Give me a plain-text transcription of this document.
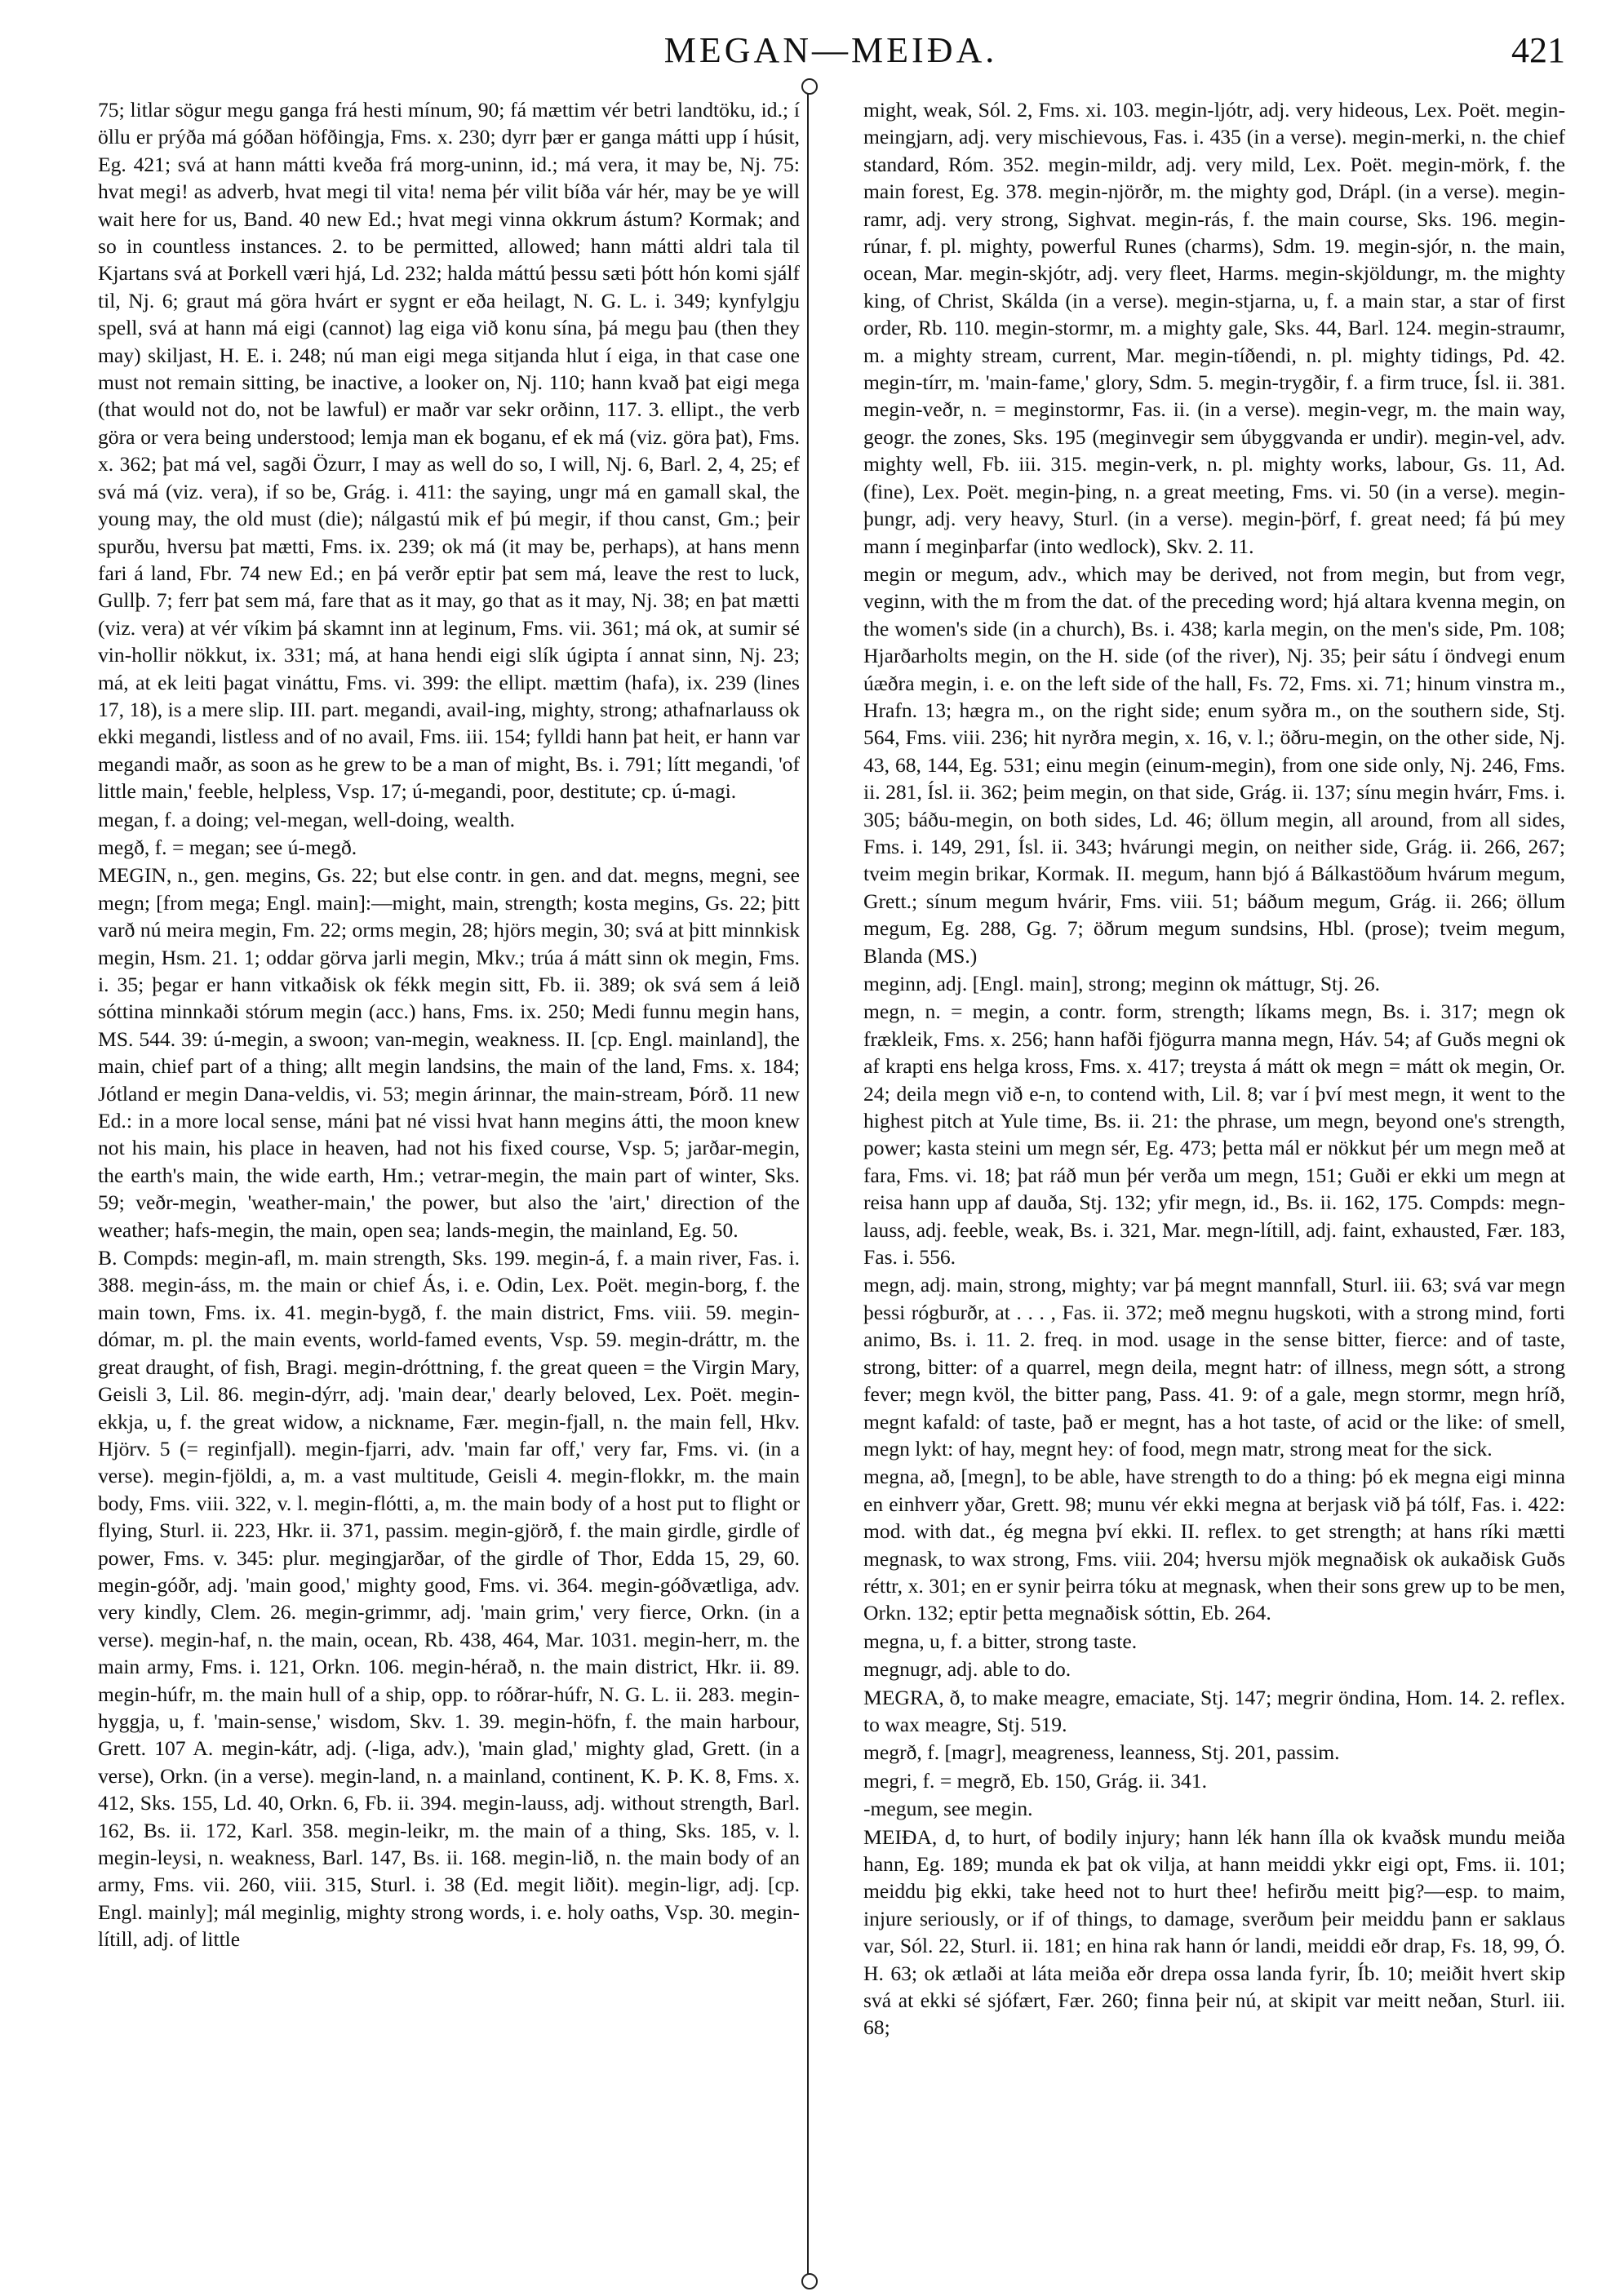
MEGAN—MEIÐA.	421

75; litlar sögur megu ganga frá hesti mínum, 90; fá mættim vér betri landtöku, id.; í öllu er prýða má góðan höfðingja, Fms. x. 230; dyrr þær er ganga mátti upp í húsit, Eg. 421; svá at hann mátti kveða frá morg-uninn, id.; má vera, it may be, Nj. 75: hvat megi! as adverb, hvat megi til vita! nema þér vilit bíða vár hér, may be ye will wait here for us, Band. 40 new Ed.; hvat megi vinna okkrum ástum? Kormak; and so in countless instances. 2. to be permitted, allowed; hann mátti aldri tala til Kjartans svá at Þorkell væri hjá, Ld. 232; halda máttú þessu sæti þótt hón komi sjálf til, Nj. 6; graut má göra hvárt er sygnt er eða heilagt, N. G. L. i. 349; kynfylgju spell, svá at hann má eigi (cannot) lag eiga við konu sína, þá megu þau (then they may) skiljast, H. E. i. 248; nú man eigi mega sitjanda hlut í eiga, in that case one must not remain sitting, be inactive, a looker on, Nj. 110; hann kvað þat eigi mega (that would not do, not be lawful) er maðr var sekr orðinn, 117. 3. ellipt., the verb göra or vera being understood; lemja man ek boganu, ef ek má (viz. göra þat), Fms. x. 362; þat má vel, sagði Özurr, I may as well do so, I will, Nj. 6, Barl. 2, 4, 25; ef svá má (viz. vera), if so be, Grág. i. 411: the saying, ungr má en gamall skal, the young may, the old must (die); nálgastú mik ef þú megir, if thou canst, Gm.; þeir spurðu, hversu þat mætti, Fms. ix. 239; ok má (it may be, perhaps), at hans menn fari á land, Fbr. 74 new Ed.; en þá verðr eptir þat sem má, leave the rest to luck, Gullþ. 7; ferr þat sem má, fare that as it may, go that as it may, Nj. 38; en þat mætti (viz. vera) at vér víkim þá skamnt inn at leginum, Fms. vii. 361; má ok, at sumir sé vin-hollir nökkut, ix. 331; má, at hana hendi eigi slík úgipta í annat sinn, Nj. 23; má, at ek leiti þagat vináttu, Fms. vi. 399: the ellipt. mættim (hafa), ix. 239 (lines 17, 18), is a mere slip. III. part. megandi, avail-ing, mighty, strong; athafnarlauss ok ekki megandi, listless and of no avail, Fms. iii. 154; fylldi hann þat heit, er hann var megandi maðr, as soon as he grew to be a man of might, Bs. i. 791; lítt megandi, 'of little main,' feeble, helpless, Vsp. 17; ú-megandi, poor, destitute; cp. ú-magi.

megan, f. a doing; vel-megan, well-doing, wealth.

megð, f. = megan; see ú-megð.

MEGIN, n., gen. megins, Gs. 22; but else contr. in gen. and dat. megns, megni, see megn; [from mega; Engl. main]:—might, main, strength; kosta megins, Gs. 22; þitt varð nú meira megin, Fm. 22; orms megin, 28; hjörs megin, 30; svá at þitt minnkisk megin, Hsm. 21. 1; oddar görva jarli megin, Mkv.; trúa á mátt sinn ok megin, Fms. i. 35; þegar er hann vitkaðisk ok fékk megin sitt, Fb. ii. 389; ok svá sem á leið sóttina minnkaði stórum megin (acc.) hans, Fms. ix. 250; Medi funnu megin hans, MS. 544. 39: ú-megin, a swoon; van-megin, weakness. II. [cp. Engl. mainland], the main, chief part of a thing; allt megin landsins, the main of the land, Fms. x. 184; Jótland er megin Dana-veldis, vi. 53; megin árinnar, the main-stream, Þórð. 11 new Ed.: in a more local sense, máni þat né vissi hvat hann megins átti, the moon knew not his main, his place in heaven, had not his fixed course, Vsp. 5; jarðar-megin, the earth's main, the wide earth, Hm.; vetrar-megin, the main part of winter, Sks. 59; veðr-megin, 'weather-main,' the power, but also the 'airt,' direction of the weather; hafs-megin, the main, open sea; lands-megin, the mainland, Eg. 50.

B. Compds: megin-afl, m. main strength, Sks. 199. megin-á, f. a main river, Fas. i. 388. megin-áss, m. the main or chief Ás, i. e. Odin, Lex. Poët. megin-borg, f. the main town, Fms. ix. 41. megin-bygð, f. the main district, Fms. viii. 59. megin-dómar, m. pl. the main events, world-famed events, Vsp. 59. megin-dráttr, m. the great draught, of fish, Bragi. megin-dróttning, f. the great queen = the Virgin Mary, Geisli 3, Lil. 86. megin-dýrr, adj. 'main dear,' dearly beloved, Lex. Poët. megin-ekkja, u, f. the great widow, a nickname, Fær. megin-fjall, n. the main fell, Hkv. Hjörv. 5 (= reginfjall). megin-fjarri, adv. 'main far off,' very far, Fms. vi. (in a verse). megin-fjöldi, a, m. a vast multitude, Geisli 4. megin-flokkr, m. the main body, Fms. viii. 322, v. l. megin-flótti, a, m. the main body of a host put to flight or flying, Sturl. ii. 223, Hkr. ii. 371, passim. megin-gjörð, f. the main girdle, girdle of power, Fms. v. 345: plur. megingjarðar, of the girdle of Thor, Edda 15, 29, 60. megin-góðr, adj. 'main good,' mighty good, Fms. vi. 364. megin-góðvætliga, adv. very kindly, Clem. 26. megin-grimmr, adj. 'main grim,' very fierce, Orkn. (in a verse). megin-haf, n. the main, ocean, Rb. 438, 464, Mar. 1031. megin-herr, m. the main army, Fms. i. 121, Orkn. 106. megin-hérað, n. the main district, Hkr. ii. 89. megin-húfr, m. the main hull of a ship, opp. to róðrar-húfr, N. G. L. ii. 283. megin-hyggja, u, f. 'main-sense,' wisdom, Skv. 1. 39. megin-höfn, f. the main harbour, Grett. 107 A. megin-kátr, adj. (-liga, adv.), 'main glad,' mighty glad, Grett. (in a verse), Orkn. (in a verse). megin-land, n. a mainland, continent, K. Þ. K. 8, Fms. x. 412, Sks. 155, Ld. 40, Orkn. 6, Fb. ii. 394. megin-lauss, adj. without strength, Barl. 162, Bs. ii. 172, Karl. 358. megin-leikr, m. the main of a thing, Sks. 185, v. l. megin-leysi, n. weakness, Barl. 147, Bs. ii. 168. megin-lið, n. the main body of an army, Fms. vii. 260, viii. 315, Sturl. i. 38 (Ed. megit liðit). megin-ligr, adj. [cp. Engl. mainly]; mál meginlig, mighty strong words, i. e. holy oaths, Vsp. 30. megin-lítill, adj. of little

might, weak, Sól. 2, Fms. xi. 103. megin-ljótr, adj. very hideous, Lex. Poët. megin-meingjarn, adj. very mischievous, Fas. i. 435 (in a verse). megin-merki, n. the chief standard, Róm. 352. megin-mildr, adj. very mild, Lex. Poët. megin-mörk, f. the main forest, Eg. 378. megin-njörðr, m. the mighty god, Drápl. (in a verse). megin-ramr, adj. very strong, Sighvat. megin-rás, f. the main course, Sks. 196. megin-rúnar, f. pl. mighty, powerful Runes (charms), Sdm. 19. megin-sjór, n. the main, ocean, Mar. megin-skjótr, adj. very fleet, Harms. megin-skjöldungr, m. the mighty king, of Christ, Skálda (in a verse). megin-stjarna, u, f. a main star, a star of first order, Rb. 110. megin-stormr, m. a mighty gale, Sks. 44, Barl. 124. megin-straumr, m. a mighty stream, current, Mar. megin-tíðendi, n. pl. mighty tidings, Pd. 42. megin-tírr, m. 'main-fame,' glory, Sdm. 5. megin-trygðir, f. a firm truce, Ísl. ii. 381. megin-veðr, n. = meginstormr, Fas. ii. (in a verse). megin-vegr, m. the main way, geogr. the zones, Sks. 195 (meginvegir sem úbyggvanda er undir). megin-vel, adv. mighty well, Fb. iii. 315. megin-verk, n. pl. mighty works, labour, Gs. 11, Ad. (fine), Lex. Poët. megin-þing, n. a great meeting, Fms. vi. 50 (in a verse). megin-þungr, adj. very heavy, Sturl. (in a verse). megin-þörf, f. great need; fá þú mey mann í meginþarfar (into wedlock), Skv. 2. 11.

megin or megum, adv., which may be derived, not from megin, but from vegr, veginn, with the m from the dat. of the preceding word; hjá altara kvenna megin, on the women's side (in a church), Bs. i. 438; karla megin, on the men's side, Pm. 108; Hjarðarholts megin, on the H. side (of the river), Nj. 35; þeir sátu í öndvegi enum úæðra megin, i. e. on the left side of the hall, Fs. 72, Fms. xi. 71; hinum vinstra m., Hrafn. 13; hægra m., on the right side; enum syðra m., on the southern side, Stj. 564, Fms. viii. 236; hit nyrðra megin, x. 16, v. l.; öðru-megin, on the other side, Nj. 43, 68, 144, Eg. 531; einu megin (einum-megin), from one side only, Nj. 246, Fms. ii. 281, Ísl. ii. 362; þeim megin, on that side, Grág. ii. 137; sínu megin hvárr, Fms. i. 305; báðu-megin, on both sides, Ld. 46; öllum megin, all around, from all sides, Fms. i. 149, 291, Ísl. ii. 343; hvárungi megin, on neither side, Grág. ii. 266, 267; tveim megin brikar, Kormak. II. megum, hann bjó á Bálkastöðum hvárum megum, Grett.; sínum megum hvárir, Fms. viii. 51; báðum megum, Grág. ii. 266; öllum megum, Eg. 288, Gg. 7; öðrum megum sundsins, Hbl. (prose); tveim megum, Blanda (MS.)

meginn, adj. [Engl. main], strong; meginn ok máttugr, Stj. 26.

megn, n. = megin, a contr. form, strength; líkams megn, Bs. i. 317; megn ok frækleik, Fms. x. 256; hann hafði fjögurra manna megn, Háv. 54; af Guðs megni ok af krapti ens helga kross, Fms. x. 417; treysta á mátt ok megn = mátt ok megin, Or. 24; deila megn við e-n, to contend with, Lil. 8; var í því mest megn, it went to the highest pitch at Yule time, Bs. ii. 21: the phrase, um megn, beyond one's strength, power; kasta steini um megn sér, Eg. 473; þetta mál er nökkut þér um megn með at fara, Fms. vi. 18; þat ráð mun þér verða um megn, 151; Guði er ekki um megn at reisa hann upp af dauða, Stj. 132; yfir megn, id., Bs. ii. 162, 175. Compds: megn-lauss, adj. feeble, weak, Bs. i. 321, Mar. megn-lítill, adj. faint, exhausted, Fær. 183, Fas. i. 556.

megn, adj. main, strong, mighty; var þá megnt mannfall, Sturl. iii. 63; svá var megn þessi rógburðr, at . . . , Fas. ii. 372; með megnu hugskoti, with a strong mind, forti animo, Bs. i. 11. 2. freq. in mod. usage in the sense bitter, fierce: and of taste, strong, bitter: of a quarrel, megn deila, megnt hatr: of illness, megn sótt, a strong fever; megn kvöl, the bitter pang, Pass. 41. 9: of a gale, megn stormr, megn hríð, megnt kafald: of taste, það er megnt, has a hot taste, of acid or the like: of smell, megn lykt: of hay, megnt hey: of food, megn matr, strong meat for the sick.

megna, að, [megn], to be able, have strength to do a thing: þó ek megna eigi minna en einhverr yðar, Grett. 98; munu vér ekki megna at berjask við þá tólf, Fas. i. 422: mod. with dat., ég megna því ekki. II. reflex. to get strength; at hans ríki mætti megnask, to wax strong, Fms. viii. 204; hversu mjök megnaðisk ok aukaðisk Guðs réttr, x. 301; en er synir þeirra tóku at megnask, when their sons grew up to be men, Orkn. 132; eptir þetta megnaðisk sóttin, Eb. 264.

megna, u, f. a bitter, strong taste.

megnugr, adj. able to do.

MEGRA, ð, to make meagre, emaciate, Stj. 147; megrir öndina, Hom. 14. 2. reflex. to wax meagre, Stj. 519.

megrð, f. [magr], meagreness, leanness, Stj. 201, passim.

megri, f. = megrð, Eb. 150, Grág. ii. 341.

-megum, see megin.

MEIÐA, d, to hurt, of bodily injury; hann lék hann ílla ok kvaðsk mundu meiða hann, Eg. 189; munda ek þat ok vilja, at hann meiddi ykkr eigi opt, Fms. ii. 101; meiddu þig ekki, take heed not to hurt thee! hefirðu meitt þig?—esp. to maim, injure seriously, or if of things, to damage, sverðum þeir meiddu þann er saklaus var, Sól. 22, Sturl. ii. 181; en hina rak hann ór landi, meiddi eðr drap, Fs. 18, 99, Ó. H. 63; ok ætlaði at láta meiða eðr drepa ossa landa fyrir, Íb. 10; meiðit hvert skip svá at ekki sé sjófært, Fær. 260; finna þeir nú, at skipit var meitt neðan, Sturl. iii. 68;
